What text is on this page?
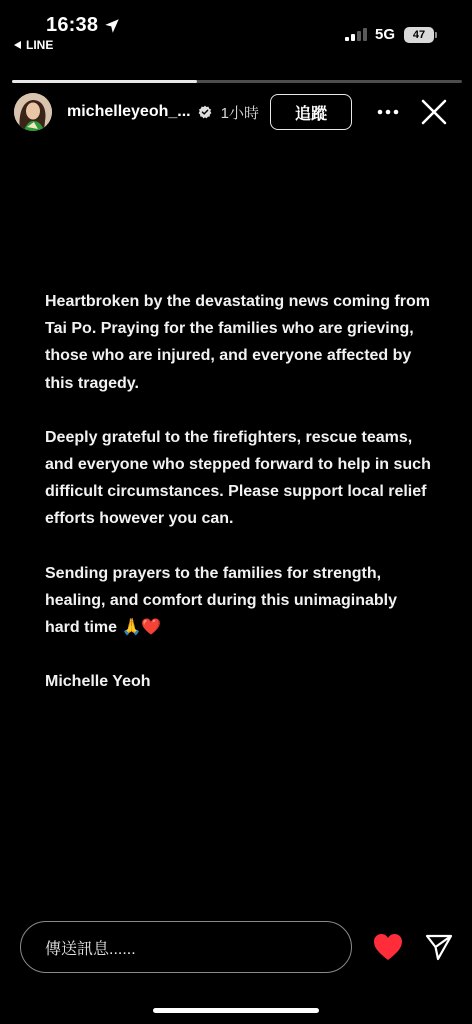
16:38
LINE
5G 47
michelleyeoh_... 1小時	追蹤

Heartbroken by the devastating news coming from Tai Po. Praying for the families who are grieving, those who are injured, and everyone affected by this tragedy.

Deeply grateful to the firefighters, rescue teams, and everyone who stepped forward to help in such difficult circumstances. Please support local relief efforts however you can.

Sending prayers to the families for strength, healing, and comfort during this unimaginably hard time 🙏❤️

Michelle Yeoh

傳送訊息......
